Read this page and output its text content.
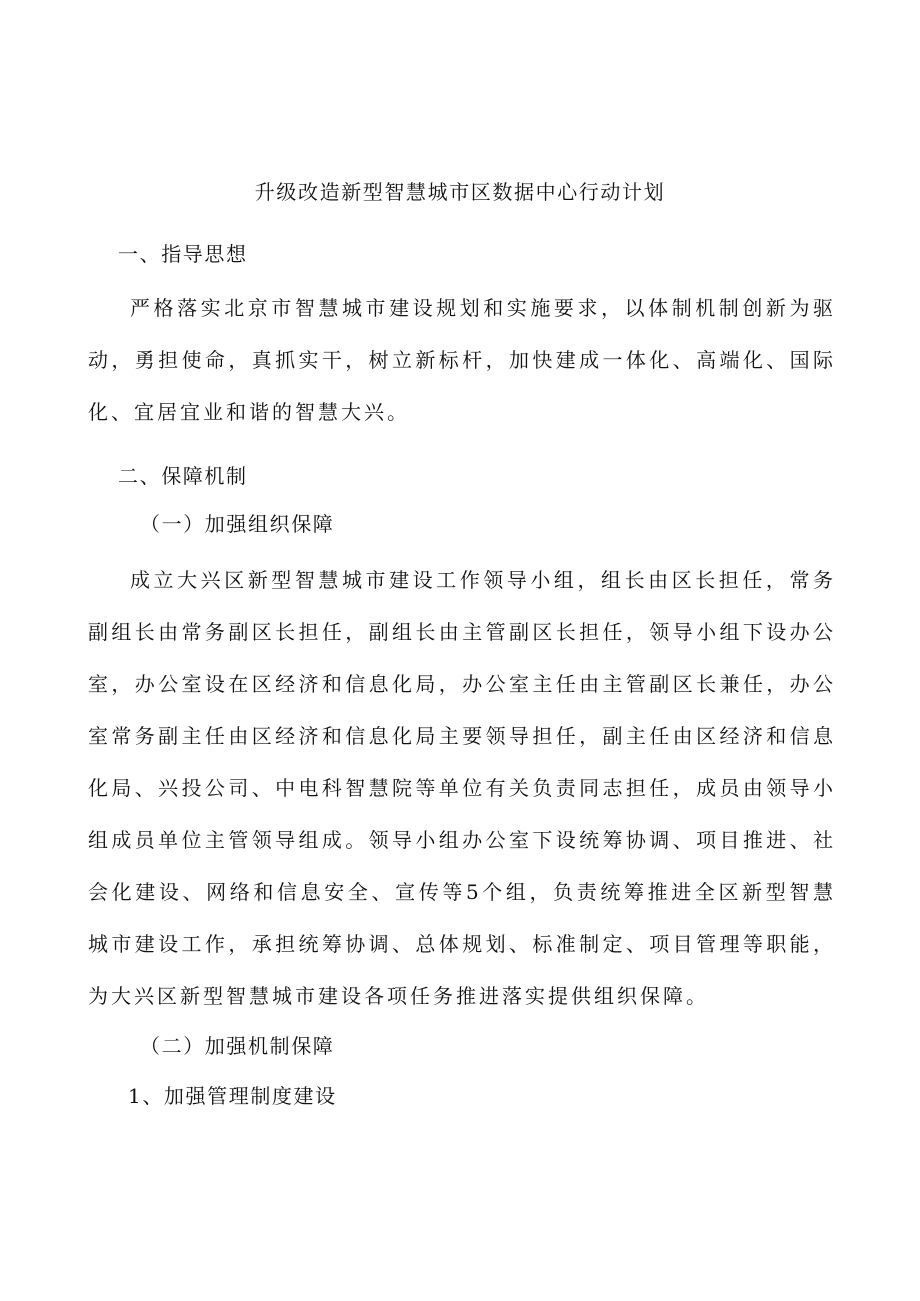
升级改造新型智慧城市区数据中心行动计划
一、指导思想
严格落实北京市智慧城市建设规划和实施要求，以体制机制创新为驱动，勇担使命，真抓实干，树立新标杆，加快建成一体化、高端化、国际化、宜居宜业和谐的智慧大兴。
二、保障机制
（一）加强组织保障
成立大兴区新型智慧城市建设工作领导小组，组长由区长担任，常务副组长由常务副区长担任，副组长由主管副区长担任，领导小组下设办公室，办公室设在区经济和信息化局，办公室主任由主管副区长兼任，办公室常务副主任由区经济和信息化局主要领导担任，副主任由区经济和信息化局、兴投公司、中电科智慧院等单位有关负责同志担任，成员由领导小组成员单位主管领导组成。领导小组办公室下设统筹协调、项目推进、社会化建设、网络和信息安全、宣传等5个组，负责统筹推进全区新型智慧城市建设工作，承担统筹协调、总体规划、标准制定、项目管理等职能，为大兴区新型智慧城市建设各项任务推进落实提供组织保障。
（二）加强机制保障
1、加强管理制度建设
